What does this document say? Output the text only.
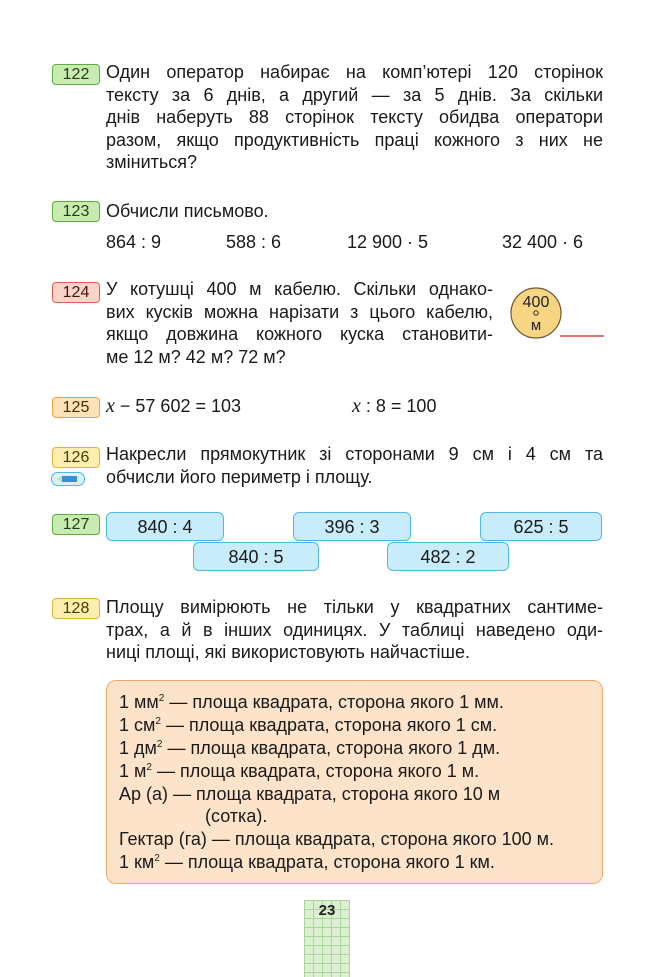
122 Один оператор набирає на комп’ютері 120 сторінок
тексту за 6 днів, а другий — за 5 днів. За скільки
днів наберуть 88 сторінок тексту обидва оператори
разом, якщо продуктивність праці кожного з них не
зміниться?
123 Обчисли письмово.
864 : 9	588 : 6	12 900 · 5	32 400 · 6
124 У котушці 400 м кабелю. Скільки однако-
вих кусків можна нарізати з цього кабелю,
якщо довжина кожного куска становити-
ме 12 м? 42 м? 72 м?
400
м
125 x − 57 602 = 103	x : 8 = 100
126 Накресли прямокутник зі сторонами 9 см і 4 см та
обчисли його периметр і площу.
127	840 : 4	396 : 3	625 : 5
840 : 5	482 : 2
128 Площу вимірюють не тільки у квадратних сантиме-
трах, а й в інших одиницях. У таблиці наведено оди-
ниці площі, які використовують найчастіше.
1 $мм^2$ — площа квадрата, сторона якого 1 мм.
1 $см^2$ — площа квадрата, сторона якого 1 см.
1 $дм^2$ — площа квадрата, сторона якого 1 дм.
1 $м^2$ — площа квадрата, сторона якого 1 м.
Ар (а) — площа квадрата, сторона якого 10 м
(сотка).
Гектар (га) — площа квадрата, сторона якого 100 м.
1 $км^2$ — площа квадрата, сторона якого 1 км.
23
